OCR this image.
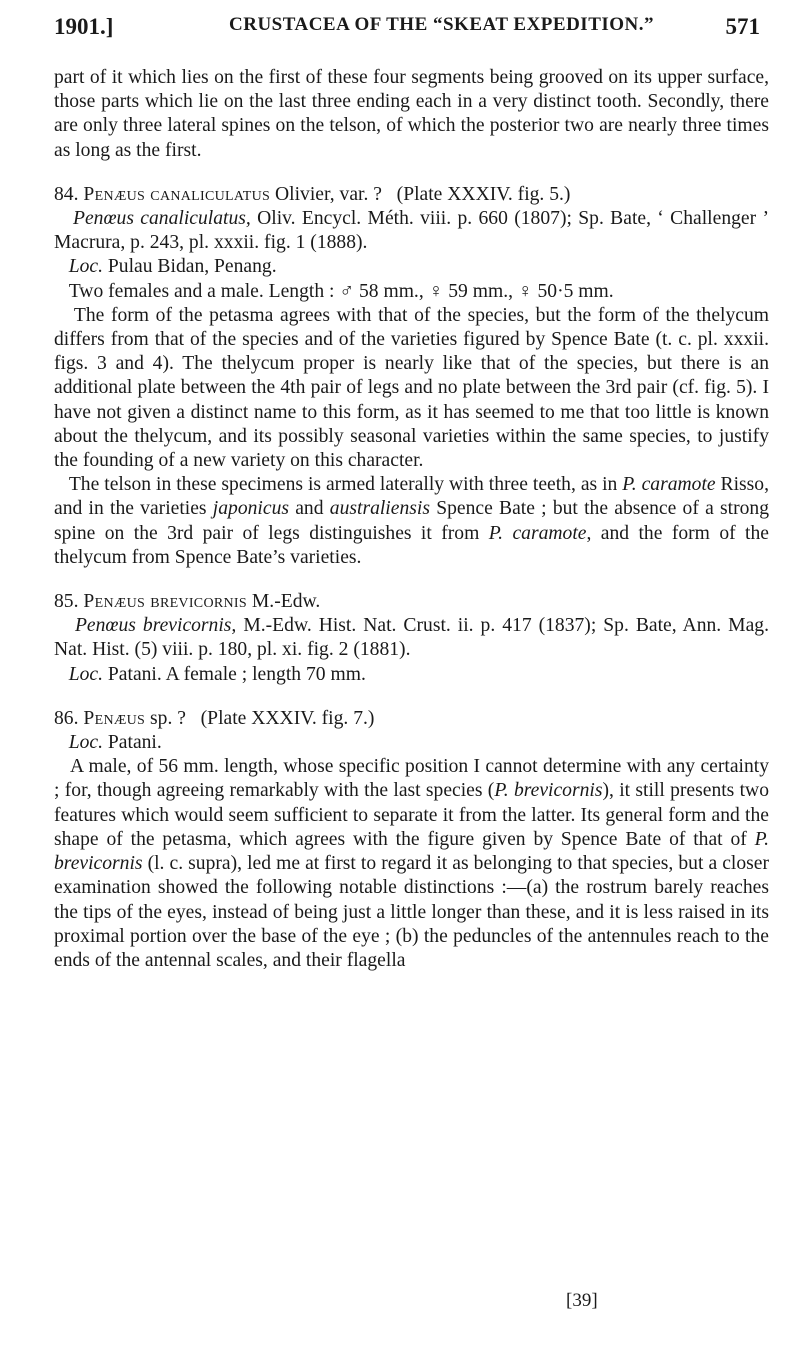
1901.]	CRUSTACEA OF THE “SKEAT EXPEDITION.”	571

part of it which lies on the first of these four segments being grooved on its upper surface, those parts which lie on the last three ending each in a very distinct tooth. Secondly, there are only three lateral spines on the telson, of which the posterior two are nearly three times as long as the first.

84. Penæus canaliculatus Olivier, var. ? (Plate XXXIV. fig. 5.)

Penœus canaliculatus, Oliv. Encycl. Méth. viii. p. 660 (1807); Sp. Bate, ‘ Challenger ’ Macrura, p. 243, pl. xxxii. fig. 1 (1888).

Loc. Pulau Bidan, Penang.

Two females and a male. Length : ♂ 58 mm., ♀ 59 mm., ♀ 50·5 mm.

The form of the petasma agrees with that of the species, but the form of the thelycum differs from that of the species and of the varieties figured by Spence Bate (t. c. pl. xxxii. figs. 3 and 4). The thelycum proper is nearly like that of the species, but there is an additional plate between the 4th pair of legs and no plate between the 3rd pair (cf. fig. 5). I have not given a distinct name to this form, as it has seemed to me that too little is known about the thelycum, and its possibly seasonal varieties within the same species, to justify the founding of a new variety on this character.

The telson in these specimens is armed laterally with three teeth, as in P. caramote Risso, and in the varieties japonicus and australiensis Spence Bate ; but the absence of a strong spine on the 3rd pair of legs distinguishes it from P. caramote, and the form of the thelycum from Spence Bate’s varieties.

85. Penæus brevicornis M.-Edw.

Penœus brevicornis, M.-Edw. Hist. Nat. Crust. ii. p. 417 (1837); Sp. Bate, Ann. Mag. Nat. Hist. (5) viii. p. 180, pl. xi. fig. 2 (1881).

Loc. Patani. A female ; length 70 mm.

86. Penæus sp. ? (Plate XXXIV. fig. 7.)

Loc. Patani.

A male, of 56 mm. length, whose specific position I cannot determine with any certainty ; for, though agreeing remarkably with the last species (P. brevicornis), it still presents two features which would seem sufficient to separate it from the latter. Its general form and the shape of the petasma, which agrees with the figure given by Spence Bate of that of P. brevicornis (l. c. supra), led me at first to regard it as belonging to that species, but a closer examination showed the following notable distinctions :—(a) the rostrum barely reaches the tips of the eyes, instead of being just a little longer than these, and it is less raised in its proximal portion over the base of the eye ; (b) the peduncles of the antennules reach to the ends of the antennal scales, and their flagella

[39]
